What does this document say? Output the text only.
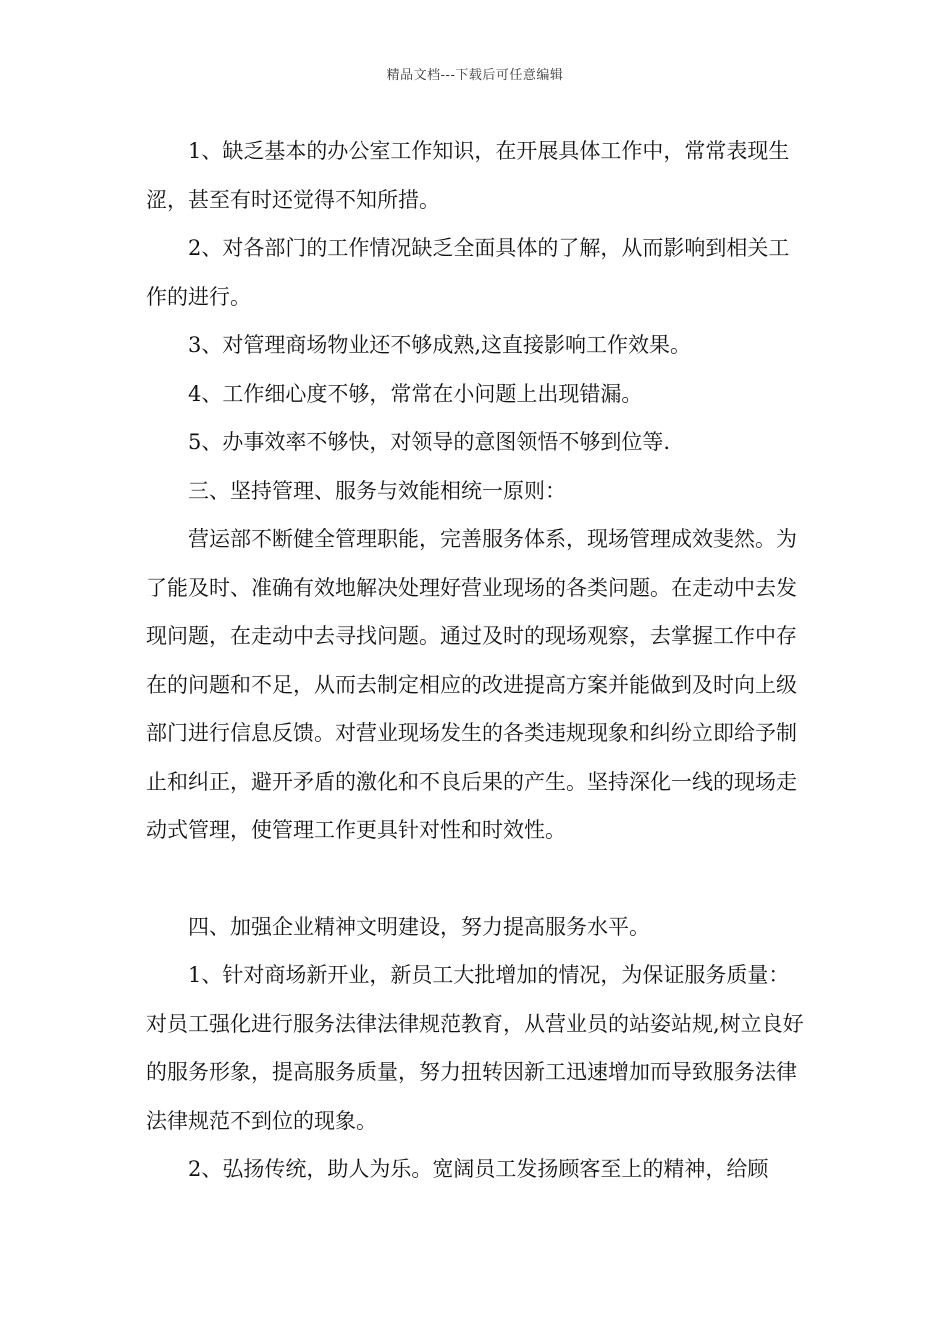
精品文档---下载后可任意编辑

1、缺乏基本的办公室工作知识，在开展具体工作中，常常表现生涩，甚至有时还觉得不知所措。

2、对各部门的工作情况缺乏全面具体的了解，从而影响到相关工作的进行。

3、对管理商场物业还不够成熟,这直接影响工作效果。

4、工作细心度不够，常常在小问题上出现错漏。

5、办事效率不够快，对领导的意图领悟不够到位等.

三、坚持管理、服务与效能相统一原则：

营运部不断健全管理职能，完善服务体系，现场管理成效斐然。为了能及时、准确有效地解决处理好营业现场的各类问题。在走动中去发现问题，在走动中去寻找问题。通过及时的现场观察，去掌握工作中存在的问题和不足，从而去制定相应的改进提高方案并能做到及时向上级部门进行信息反馈。对营业现场发生的各类违规现象和纠纷立即给予制止和纠正，避开矛盾的激化和不良后果的产生。坚持深化一线的现场走动式管理，使管理工作更具针对性和时效性。

四、加强企业精神文明建设，努力提高服务水平。

1、针对商场新开业，新员工大批增加的情况，为保证服务质量：对员工强化进行服务法律法律规范教育，从营业员的站姿站规,树立良好的服务形象，提高服务质量，努力扭转因新工迅速增加而导致服务法律法律规范不到位的现象。

2、弘扬传统，助人为乐。宽阔员工发扬顾客至上的精神，给顾
